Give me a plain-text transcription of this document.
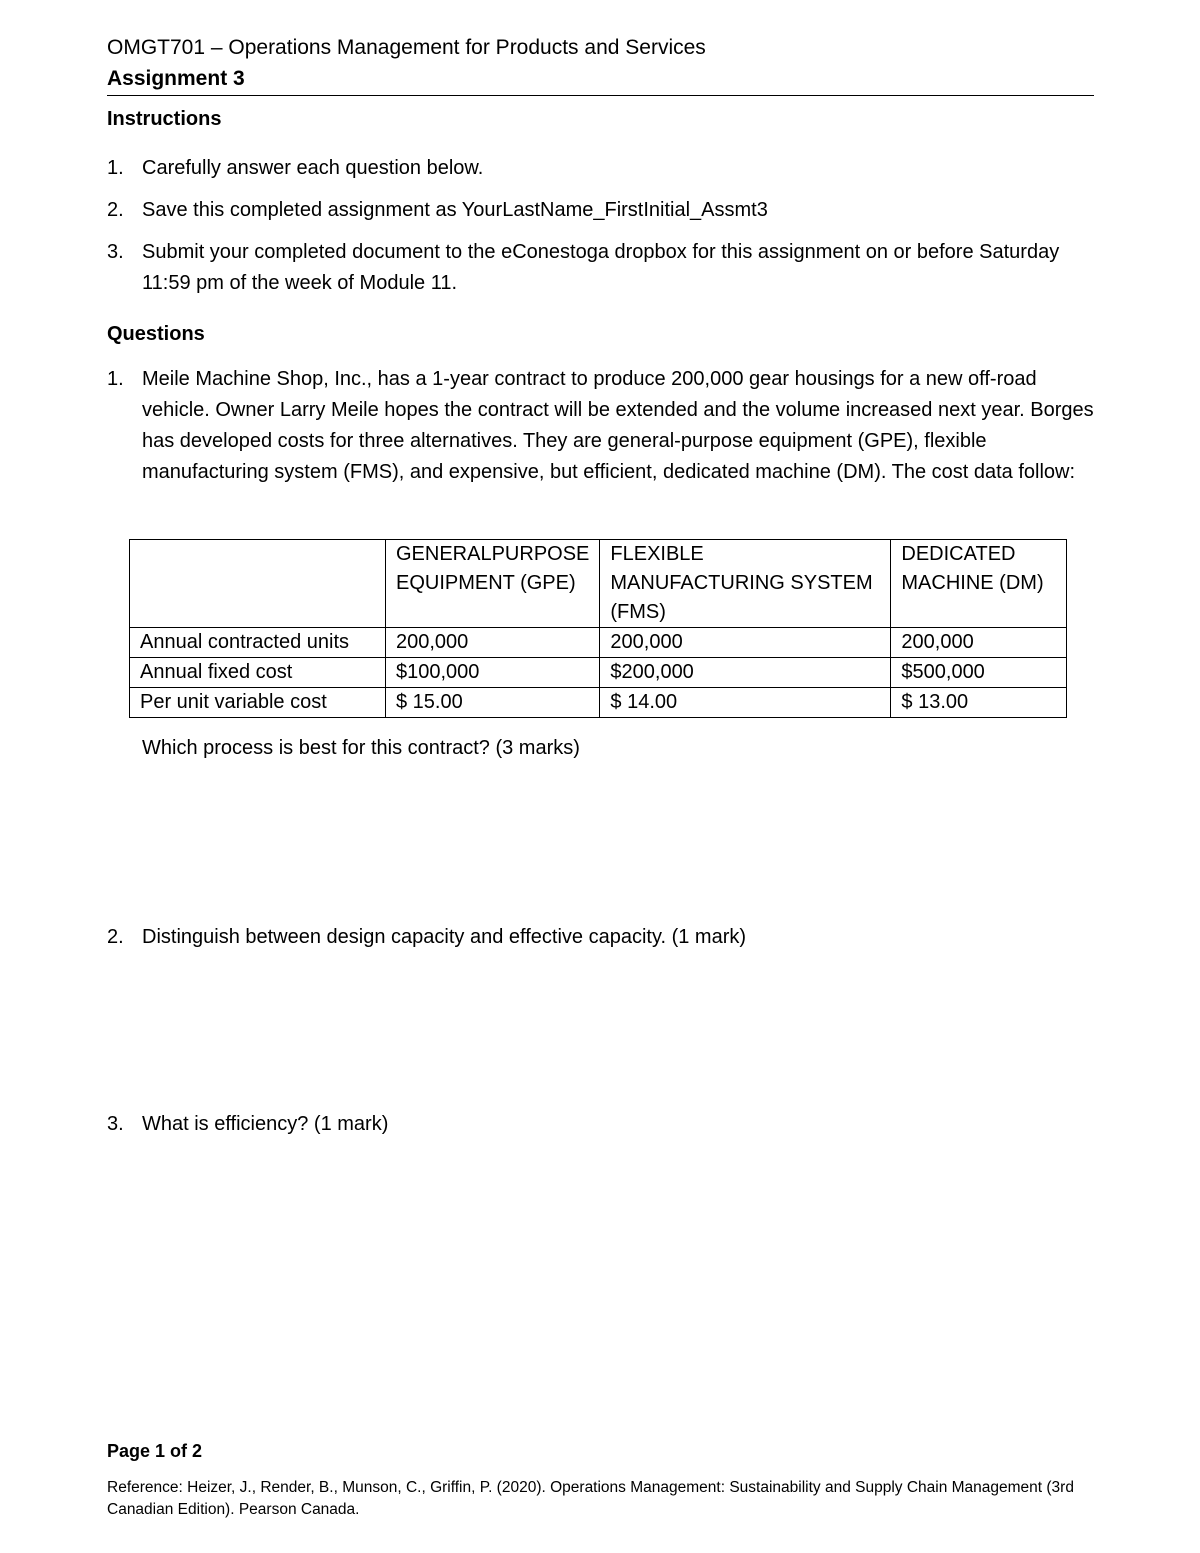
OMGT701 – Operations Management for Products and Services
Assignment 3
Instructions
1. Carefully answer each question below.
2. Save this completed assignment as YourLastName_FirstInitial_Assmt3
3. Submit your completed document to the eConestoga dropbox for this assignment on or before Saturday 11:59 pm of the week of Module 11.
Questions
1. Meile Machine Shop, Inc., has a 1-year contract to produce 200,000 gear housings for a new off-road vehicle. Owner Larry Meile hopes the contract will be extended and the volume increased next year. Borges has developed costs for three alternatives. They are general-purpose equipment (GPE), flexible manufacturing system (FMS), and expensive, but efficient, dedicated machine (DM). The cost data follow:
	GENERALPURPOSE EQUIPMENT (GPE)	FLEXIBLE MANUFACTURING SYSTEM (FMS)	DEDICATED MACHINE (DM)
Annual contracted units	200,000	200,000	200,000
Annual fixed cost	$100,000	$200,000	$500,000
Per unit variable cost	$ 15.00	$ 14.00	$ 13.00
Which process is best for this contract? (3 marks)
2. Distinguish between design capacity and effective capacity. (1 mark)
3. What is efficiency? (1 mark)
Page 1 of 2
Reference: Heizer, J., Render, B., Munson, C., Griffin, P. (2020). Operations Management: Sustainability and Supply Chain Management (3rd Canadian Edition). Pearson Canada.
